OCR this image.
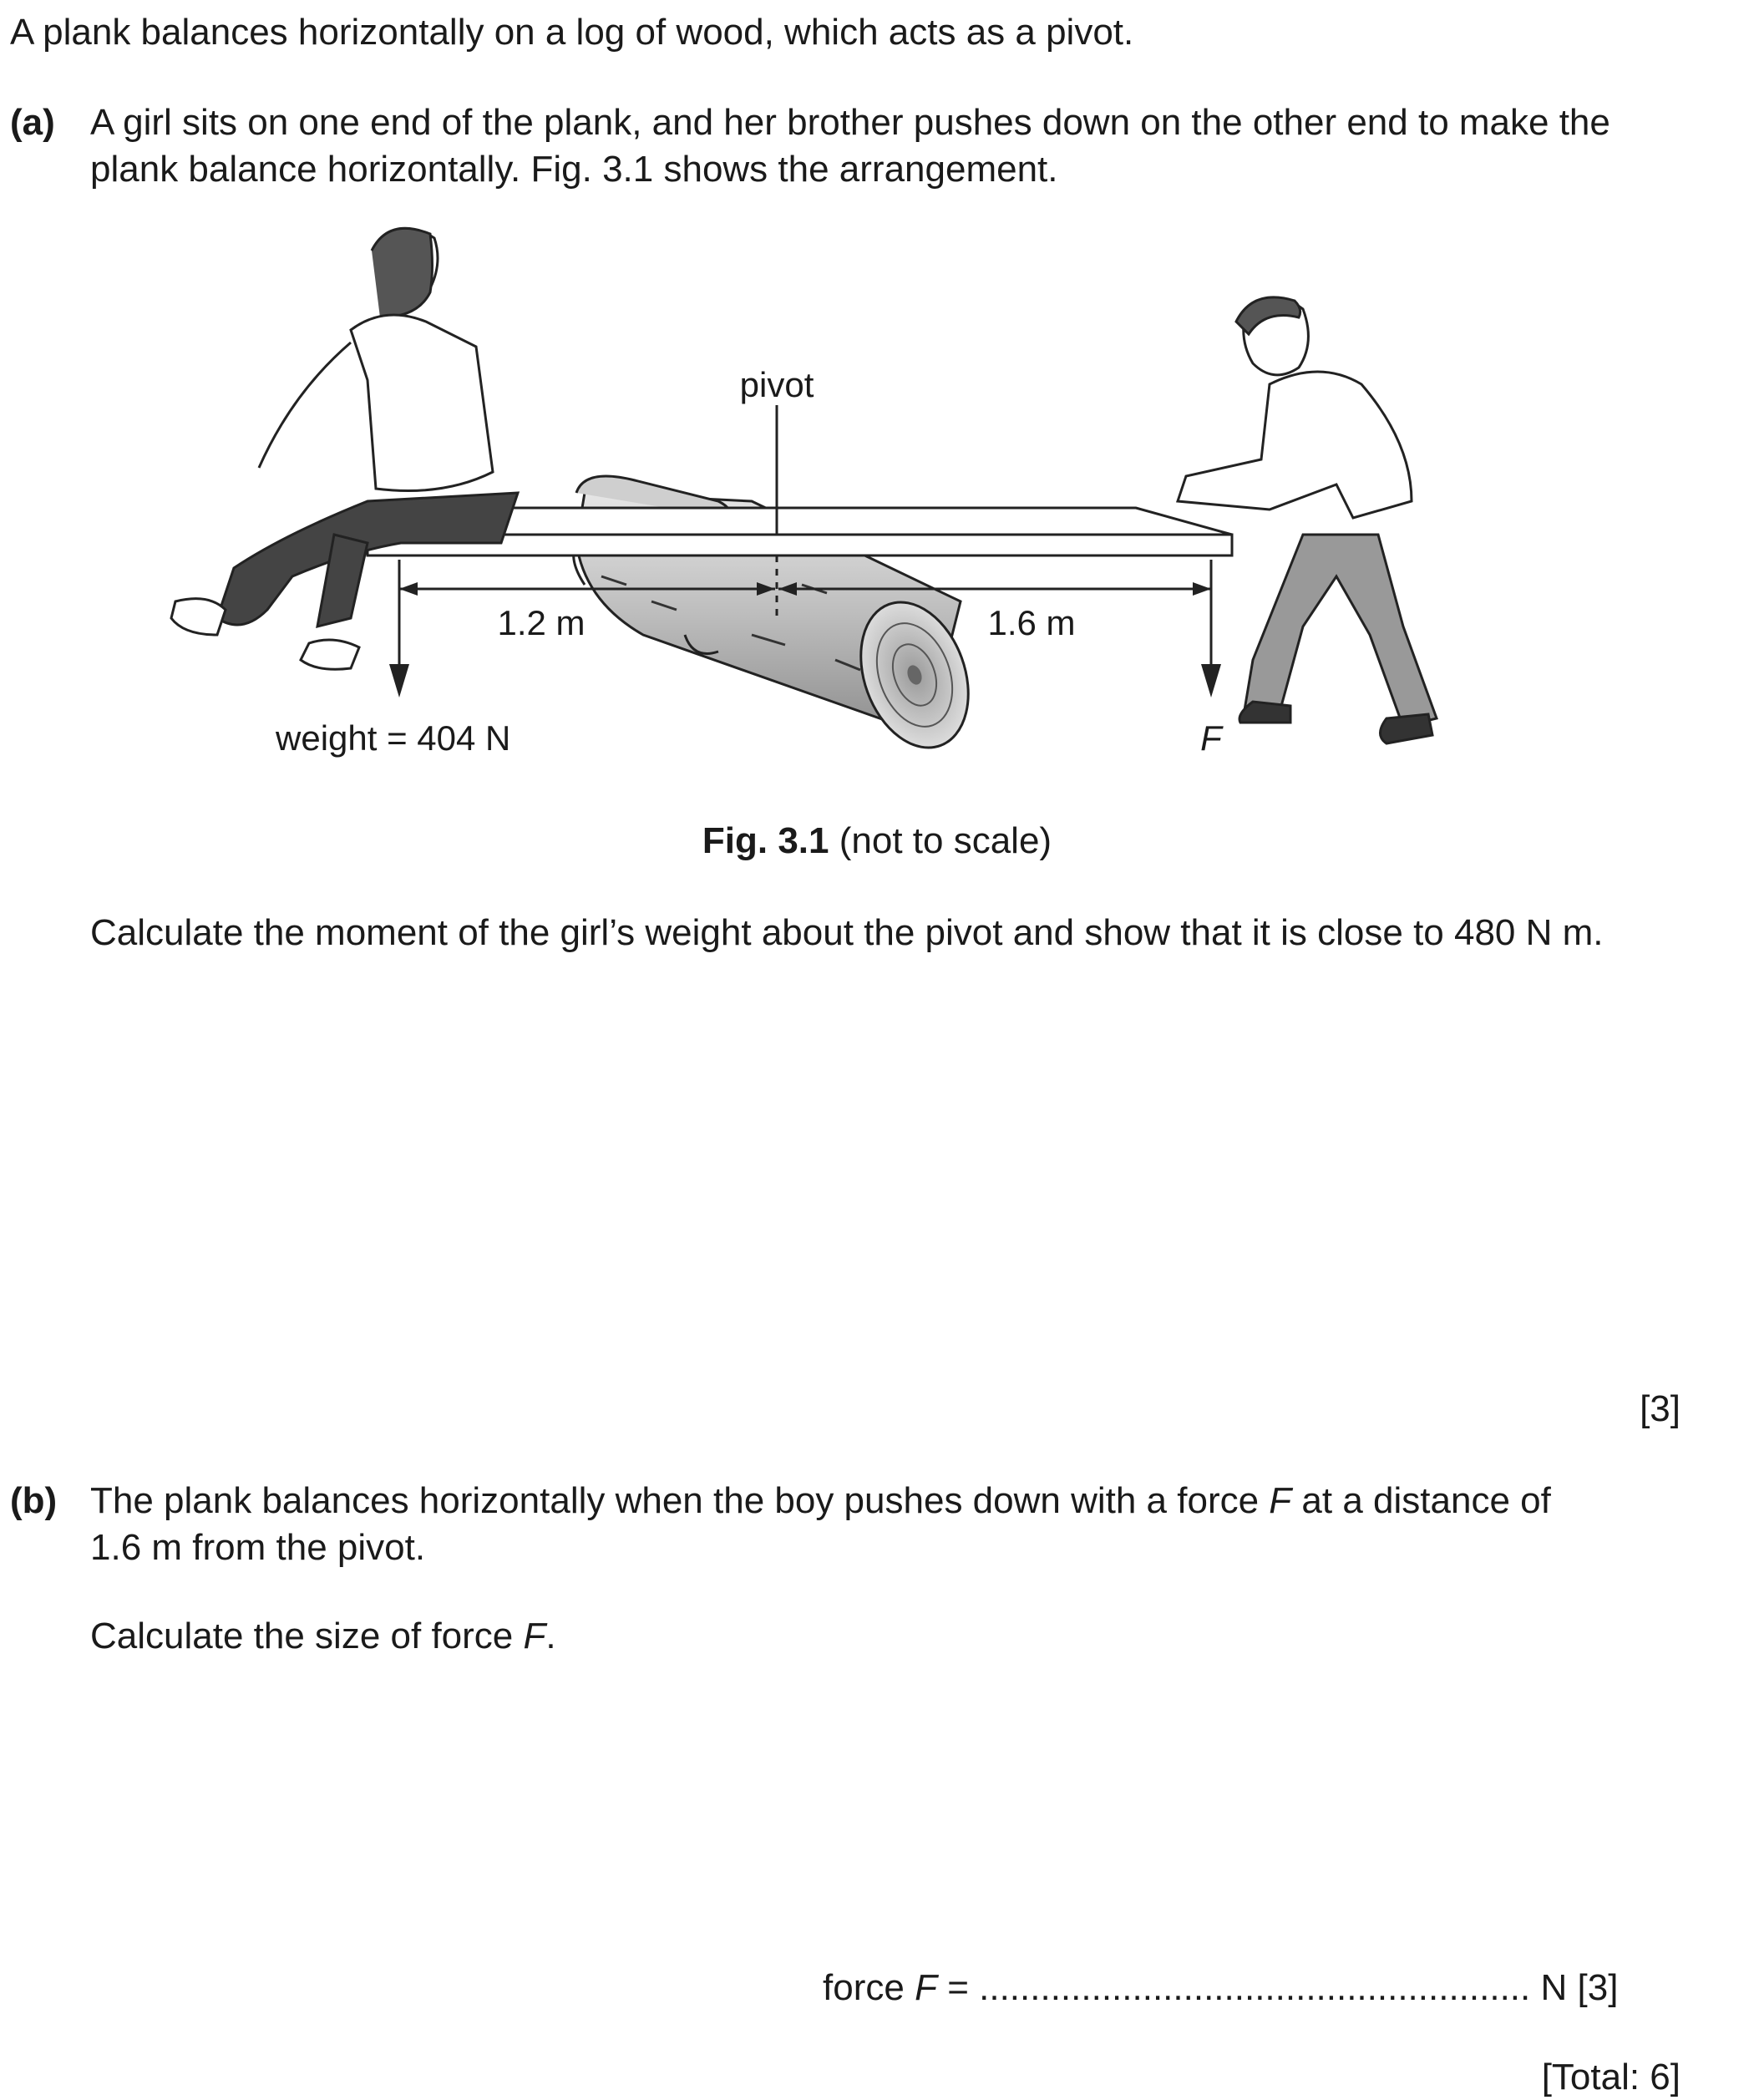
A plank balances horizontally on a log of wood, which acts as a pivot.
(a) A girl sits on one end of the plank, and her brother pushes down on the other end to make the
plank balance horizontally. Fig. 3.1 shows the arrangement.
pivot
1.2 m	1.6 m
weight = 404 N	F
Fig. 3.1 (not to scale)
Calculate the moment of the girl’s weight about the pivot and show that it is close to 480 N m.
[3]
(b) The plank balances horizontally when the boy pushes down with a force F at a distance of
1.6 m from the pivot.
Calculate the size of force F.
force F = ...................................................... N [3]
[Total: 6]
